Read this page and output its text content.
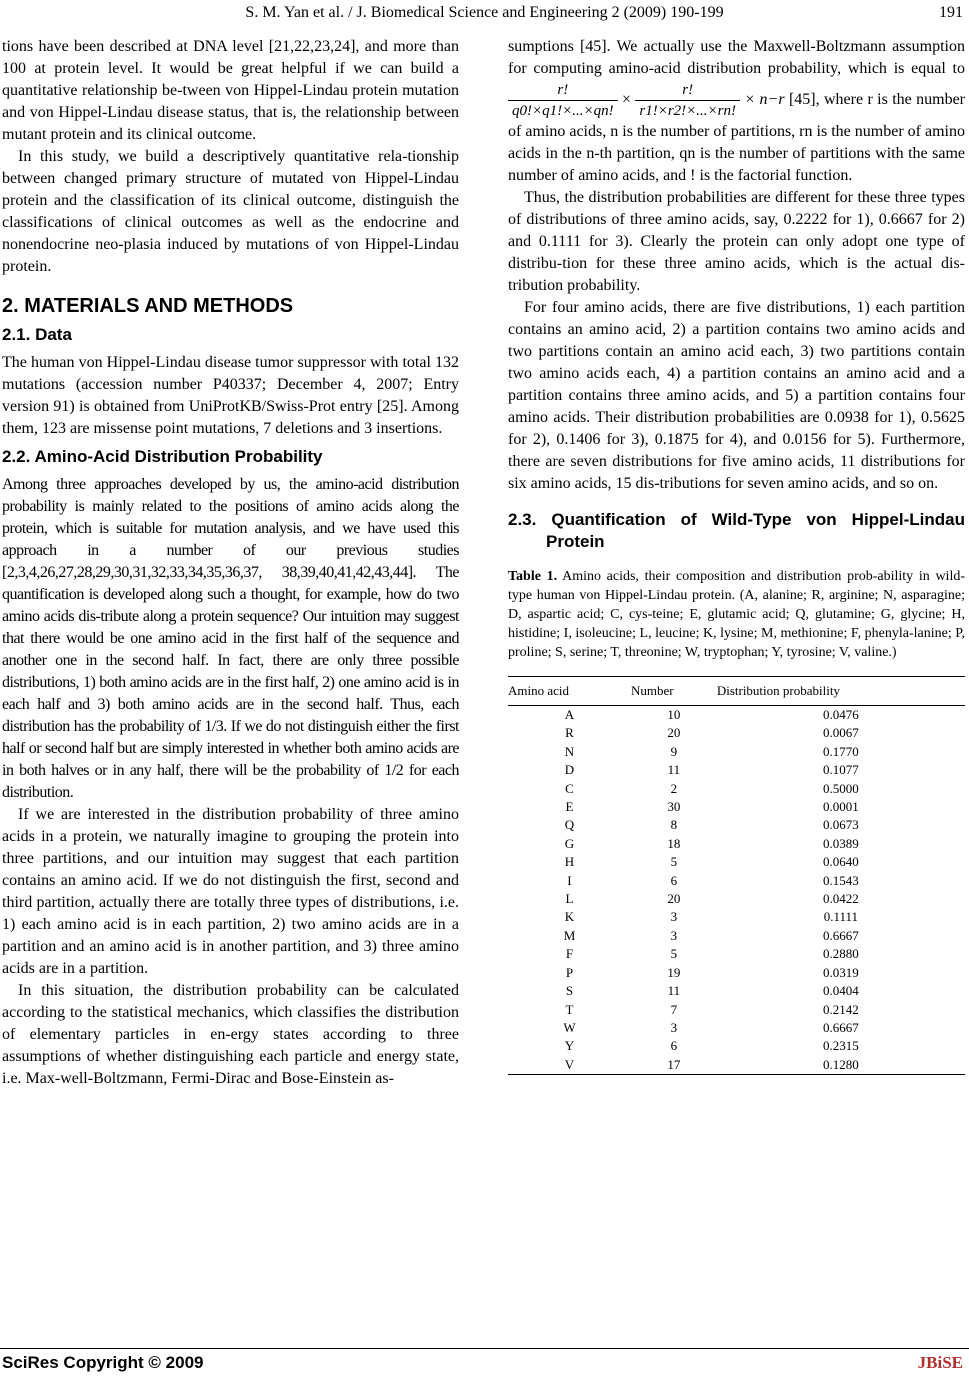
S. M. Yan et al. / J. Biomedical Science and Engineering 2 (2009) 190-199	191

tions have been described at DNA level [21,22,23,24], and more than 100 at protein level. It would be great helpful if we can build a quantitative relationship be-tween von Hippel-Lindau protein mutation and von Hippel-Lindau disease status, that is, the relationship between mutant protein and its clinical outcome.

In this study, we build a descriptively quantitative rela-tionship between changed primary structure of mutated von Hippel-Lindau protein and the classification of its clinical outcome, distinguish the classifications of clinical outcomes as well as the endocrine and nonendocrine neo-plasia induced by mutations of von Hippel-Lindau protein.

2. MATERIALS AND METHODS
2.1. Data

The human von Hippel-Lindau disease tumor suppressor with total 132 mutations (accession number P40337; December 4, 2007; Entry version 91) is obtained from UniProtKB/Swiss-Prot entry [25]. Among them, 123 are missense point mutations, 7 deletions and 3 insertions.

2.2. Amino-Acid Distribution Probability

Among three approaches developed by us, the amino-acid distribution probability is mainly related to the positions of amino acids along the protein, which is suitable for mutation analysis, and we have used this approach in a number of our previous studies [2,3,4,26,27,28,29,30,31,32,33,34,35,36,37, 38,39,40,41,42,43,44]. The quantification is developed along such a thought, for example, how do two amino acids dis-tribute along a protein sequence? Our intuition may suggest that there would be one amino acid in the first half of the sequence and another one in the second half. In fact, there are only three possible distributions, 1) both amino acids are in the first half, 2) one amino acid is in each half and 3) both amino acids are in the second half. Thus, each distribution has the probability of 1/3. If we do not distinguish either the first half or second half but are simply interested in whether both amino acids are in both halves or in any half, there will be the probability of 1/2 for each distribution.

If we are interested in the distribution probability of three amino acids in a protein, we naturally imagine to grouping the protein into three partitions, and our intuition may suggest that each partition contains an amino acid. If we do not distinguish the first, second and third partition, actually there are totally three types of distributions, i.e. 1) each amino acid is in each partition, 2) two amino acids are in a partition and an amino acid is in another partition, and 3) three amino acids are in a partition.

In this situation, the distribution probability can be calculated according to the statistical mechanics, which classifies the distribution of elementary particles in en-ergy states according to three assumptions of whether distinguishing each particle and energy state, i.e. Max-well-Boltzmann, Fermi-Dirac and Bose-Einstein as-

sumptions [45]. We actually use the Maxwell-Boltzmann assumption for computing amino-acid distribution probability, which is equal to
$\frac{r!}{q0!\times q1!\times...\times qn!} \times \frac{r!}{r1!\times r2!\times...\times rn!} \times n-r$ [45], where r is the number of amino acids, n is the number of partitions, rn is the number of amino acids in the n-th partition, qn is the number of partitions with the same number of amino acids, and ! is the factorial function.

Thus, the distribution probabilities are different for these three types of distributions of three amino acids, say, 0.2222 for 1), 0.6667 for 2) and 0.1111 for 3). Clearly the protein can only adopt one type of distribu-tion for these three amino acids, which is the actual dis-tribution probability.

For four amino acids, there are five distributions, 1) each partition contains an amino acid, 2) a partition contains two amino acids and two partitions contain an amino acid each, 3) two partitions contain two amino acids each, 4) a partition contains an amino acid and a partition contains three amino acids, and 5) a partition contains four amino acids. Their distribution probabilities are 0.0938 for 1), 0.5625 for 2), 0.1406 for 3), 0.1875 for 4), and 0.0156 for 5). Furthermore, there are seven distributions for five amino acids, 11 distributions for six amino acids, 15 dis-tributions for seven amino acids, and so on.

2.3. Quantification of Wild-Type von Hippel-Lindau Protein

Table 1. Amino acids, their composition and distribution prob-ability in wild-type human von Hippel-Lindau protein. (A, alanine; R, arginine; N, asparagine; D, aspartic acid; C, cys-teine; E, glutamic acid; Q, glutamine; G, glycine; H, histidine; I, isoleucine; L, leucine; K, lysine; M, methionine; F, phenyla-lanine; P, proline; S, serine; T, threonine; W, tryptophan; Y, tyrosine; V, valine.)

Amino acid	Number	Distribution probability
A	10	0.0476
R	20	0.0067
N	9	0.1770
D	11	0.1077
C	2	0.5000
E	30	0.0001
Q	8	0.0673
G	18	0.0389
H	5	0.0640
I	6	0.1543
L	20	0.0422
K	3	0.1111
M	3	0.6667
F	5	0.2880
P	19	0.0319
S	11	0.0404
T	7	0.2142
W	3	0.6667
Y	6	0.2315
V	17	0.1280
SciRes Copyright © 2009	JBiSE
